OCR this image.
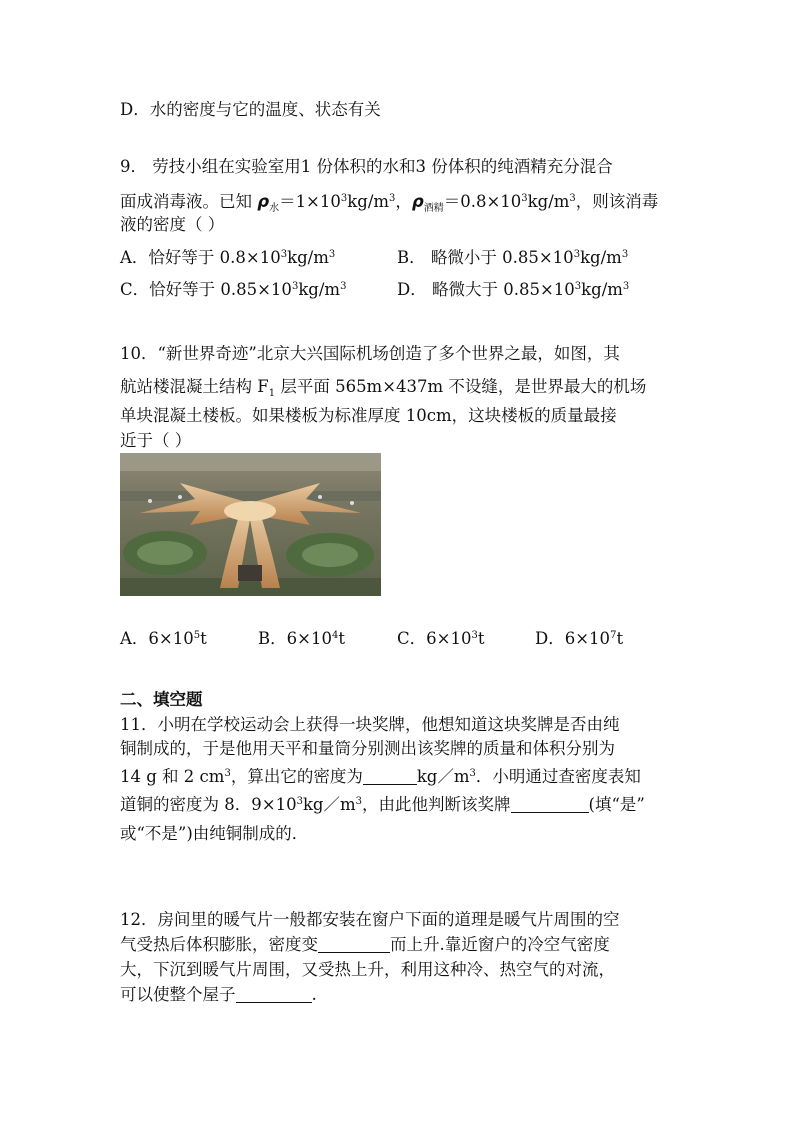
D．水的密度与它的温度、状态有关
9． 劳技小组在实验室用1 份体积的水和3 份体积的纯酒精充分混合
面成消毒液。已知 $\rho_水=1\times 10^3kg/m^3$，$\rho_{酒精}=0.8\times 10^3kg/m^3$，则该消毒
液的密度（ ）
A．恰好等于 $0.8\times 10^3kg/m^3$	B． 略微小于 $0.85\times 10^3kg/m^3$
C．恰好等于 $0.85\times 10^3kg/m^3$	D． 略微大于 $0.85\times 10^3kg/m^3$
10．“新世界奇迹”北京大兴国际机场创造了多个世界之最，如图，其
航站楼混凝土结构 $F_1$ 层平面 565m×437m 不设缝，是世界最大的机场
单块混凝土楼板。如果楼板为标准厚度 10cm，这块楼板的质量最接
近于（ ）
A．$6\times 10^5t$	B．$6\times 10^4t$	C．$6\times 10^3t$	D．$6\times 10^7t$
二、填空题
11．小明在学校运动会上获得一块奖牌，他想知道这块奖牌是否由纯
铜制成的，于是他用天平和量筒分别测出该奖牌的质量和体积分别为
14 g 和 2 $cm^3$，算出它的密度为	$kg/m^3$．小明通过查密度表知
道铜的密度为 8．$9\times 10^3kg/m^3$，由此他判断该奖牌	(填“是”
或“不是”)由纯铜制成的．
12．房间里的暖气片一般都安装在窗户下面的道理是暖气片周围的空
气受热后体积膨胀，密度变	而上升.靠近窗户的冷空气密度
大，下沉到暖气片周围，又受热上升，利用这种冷、热空气的对流，
可以使整个屋子	.
